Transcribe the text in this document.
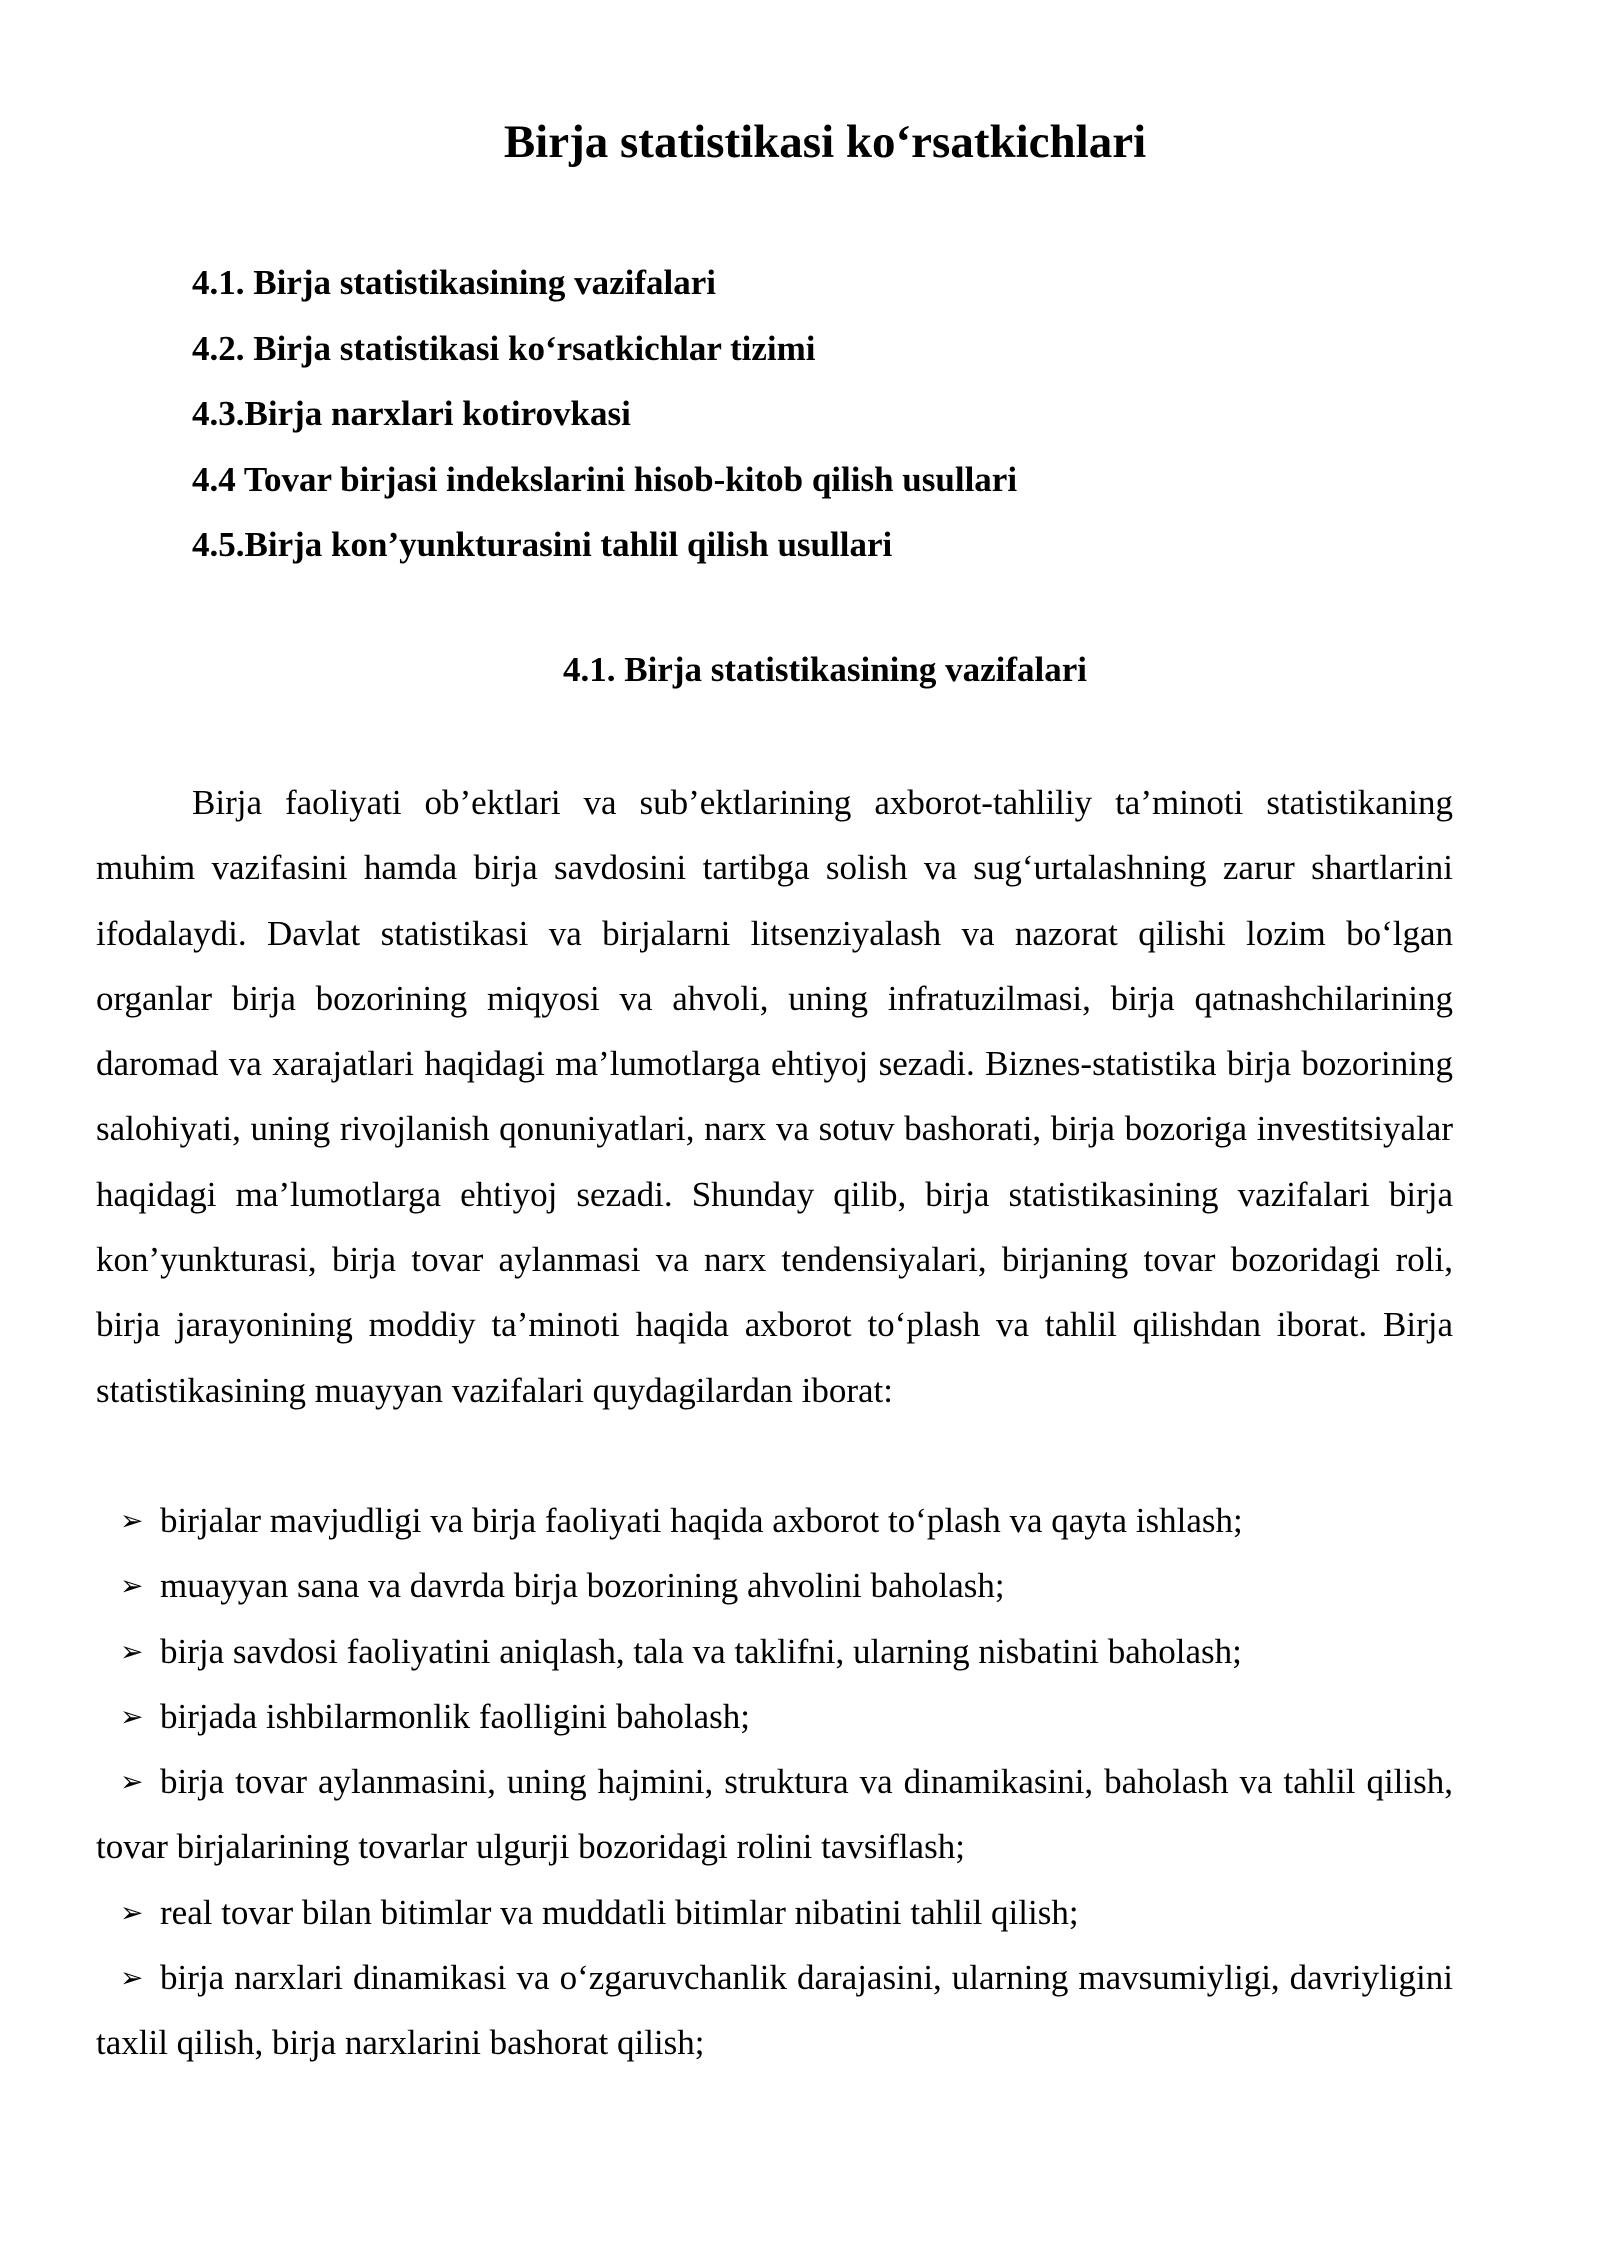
Birja statistikasi ko‘rsatkichlari
4.1. Birja statistikasining vazifalari
4.2. Birja statistikasi ko‘rsatkichlar tizimi
4.3.Birja narxlari kotirovkasi
4.4 Tovar birjasi indekslarini hisob-kitob qilish usullari
4.5.Birja kon’yunkturasini tahlil qilish usullari
4.1. Birja statistikasining vazifalari

Birja faoliyati ob’ektlari va sub’ektlarining axborot-tahliliy ta’minoti statistikaning muhim vazifasini hamda birja savdosini tartibga solish va sug‘urtalashning zarur shartlarini ifodalaydi. Davlat statistikasi va birjalarni litsenziyalash va nazorat qilishi lozim bo‘lgan organlar birja bozorining miqyosi va ahvoli, uning infratuzilmasi, birja qatnashchilarining daromad va xarajatlari haqidagi ma’lumotlarga ehtiyoj sezadi. Biznes-statistika birja bozorining salohiyati, uning rivojlanish qonuniyatlari, narx va sotuv bashorati, birja bozoriga investitsiyalar haqidagi ma’lumotlarga ehtiyoj sezadi. Shunday qilib, birja statistikasining vazifalari birja kon’yunkturasi, birja tovar aylanmasi va narx tendensiyalari, birjaning tovar bozoridagi roli, birja jarayonining moddiy ta’minoti haqida axborot to‘plash va tahlil qilishdan iborat. Birja statistikasining muayyan vazifalari quydagilardan iborat:

➢ birjalar mavjudligi va birja faoliyati haqida axborot to‘plash va qayta ishlash;
➢ muayyan sana va davrda birja bozorining ahvolini baholash;
➢ birja savdosi faoliyatini aniqlash, tala va taklifni, ularning nisbatini baholash;
➢ birjada ishbilarmonlik faolligini baholash;
➢ birja tovar aylanmasini, uning hajmini, struktura va dinamikasini, baholash va tahlil qilish, tovar birjalarining tovarlar ulgurji bozoridagi rolini tavsiflash;
➢ real tovar bilan bitimlar va muddatli bitimlar nibatini tahlil qilish;
➢ birja narxlari dinamikasi va o‘zgaruvchanlik darajasini, ularning mavsumiyligi, davriyligini taxlil qilish, birja narxlarini bashorat qilish;
